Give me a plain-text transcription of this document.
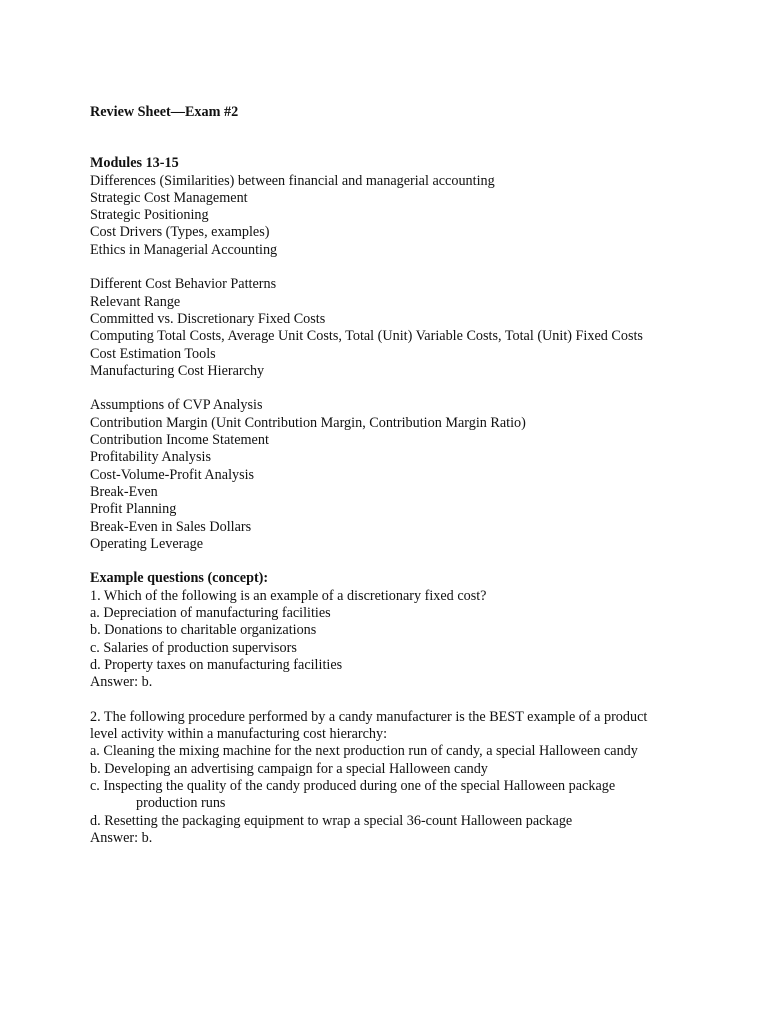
Review Sheet—Exam #2
Modules 13-15
Differences (Similarities) between financial and managerial accounting
Strategic Cost Management
Strategic Positioning
Cost Drivers (Types, examples)
Ethics in Managerial Accounting
Different Cost Behavior Patterns
Relevant Range
Committed vs. Discretionary Fixed Costs
Computing Total Costs, Average Unit Costs, Total (Unit) Variable Costs, Total (Unit) Fixed Costs
Cost Estimation Tools
Manufacturing Cost Hierarchy
Assumptions of CVP Analysis
Contribution Margin (Unit Contribution Margin, Contribution Margin Ratio)
Contribution Income Statement
Profitability Analysis
Cost-Volume-Profit Analysis
Break-Even
Profit Planning
Break-Even in Sales Dollars
Operating Leverage
Example questions (concept):
1. Which of the following is an example of a discretionary fixed cost?
a. Depreciation of manufacturing facilities
b. Donations to charitable organizations
c. Salaries of production supervisors
d. Property taxes on manufacturing facilities
Answer: b.
2. The following procedure performed by a candy manufacturer is the BEST example of a product level activity within a manufacturing cost hierarchy:
a. Cleaning the mixing machine for the next production run of candy, a special Halloween candy
b. Developing an advertising campaign for a special Halloween candy
c. Inspecting the quality of the candy produced during one of the special Halloween package
production runs
d. Resetting the packaging equipment to wrap a special 36-count Halloween package
Answer: b.
